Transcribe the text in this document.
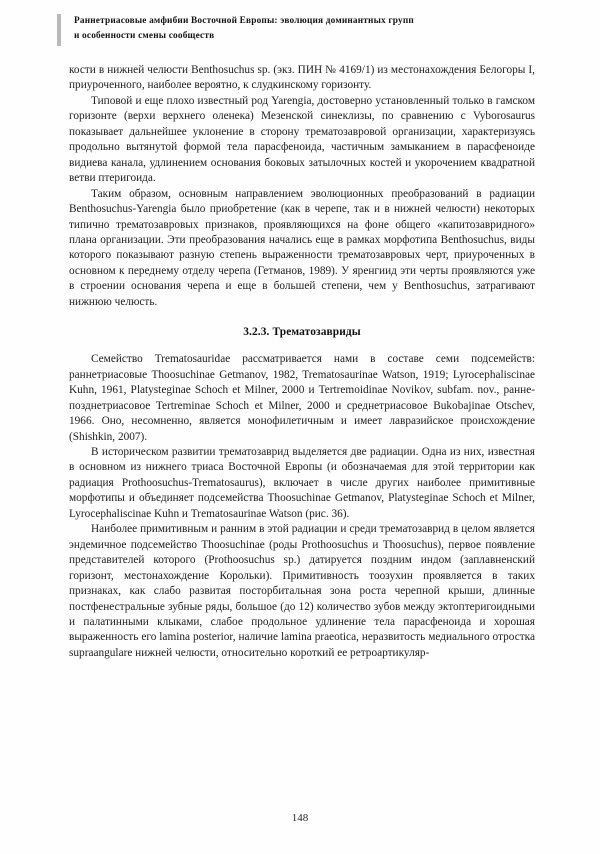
Раннетриасовые амфибии Восточной Европы: эволюция доминантных групп
и особенности смены сообществ

кости в нижней челюсти Benthosuchus sp. (экз. ПИН № 4169/1) из местонахождения Белогоры I, приуроченного, наиболее вероятно, к слудкинскому горизонту.

Типовой и еще плохо известный род Yarengia, достоверно установленный только в гамском горизонте (верхи верхнего оленека) Мезенской синеклизы, по сравнению с Vyborosaurus показывает дальнейшее уклонение в сторону трематозавровой организации, характеризуясь продольно вытянутой формой тела парасфеноида, частичным замыканием в парасфеноиде видиева канала, удлинением основания боковых затылочных костей и укорочением квадратной ветви птеригоида.

Таким образом, основным направлением эволюционных преобразований в радиации Benthosuchus-Yarengia было приобретение (как в черепе, так и в нижней челюсти) некоторых типично трематозавровых признаков, проявляющихся на фоне общего «капитозавридного» плана организации. Эти преобразования начались еще в рамках морфотипа Benthosuchus, виды которого показывают разную степень выраженности трематозавровых черт, приуроченных в основном к переднему отделу черепа (Гетманов, 1989). У яренгиид эти черты проявляются уже в строении основания черепа и еще в большей степени, чем у Benthosuchus, затрагивают нижнюю челюсть.

3.2.3. Трематозавриды

Семейство Trematosauridae рассматривается нами в составе семи подсемейств: раннетриасовые Thoosuchinae Getmanov, 1982, Trematosaurinae Watson, 1919; Lyrocephaliscinae Kuhn, 1961, Platysteginae Schoch et Milner, 2000 и Tertremoidinae Novikov, subfam. nov., ранне-позднетриасовое Tertreminae Schoch et Milner, 2000 и среднетриасовое Bukobajinae Otschev, 1966. Оно, несомненно, является монофилетичным и имеет лавразийское происхождение (Shishkin, 2007).

В историческом развитии трематозаврид выделяется две радиации. Одна из них, известная в основном из нижнего триаса Восточной Европы (и обозначаемая для этой территории как радиация Prothoosuchus-Trematosaurus), включает в числе других наиболее примитивные морфотипы и объединяет подсемейства Thoosuchinae Getmanov, Platysteginae Schoch et Milner, Lyrocephaliscinae Kuhn и Trematosaurinae Watson (рис. 36).

Наиболее примитивным и ранним в этой радиации и среди трематозаврид в целом является эндемичное подсемейство Thoosuchinae (роды Prothoosuchus и Thoosuchus), первое появление представителей которого (Prothoosuchus sp.) датируется поздним индом (заплавненский горизонт, местонахождение Корольки). Примитивность тоозухин проявляется в таких признаках, как слабо развитая посторбитальная зона роста черепной крыши, длинные постфенестральные зубные ряды, большое (до 12) количество зубов между эктоптеригоидными и палатинными клыками, слабое продольное удлинение тела парасфеноида и хорошая выраженность его lamina posterior, наличие lamina praeotica, неразвитость медиального отростка supraangulare нижней челюсти, относительно короткий ее ретроартикуляр-

148
